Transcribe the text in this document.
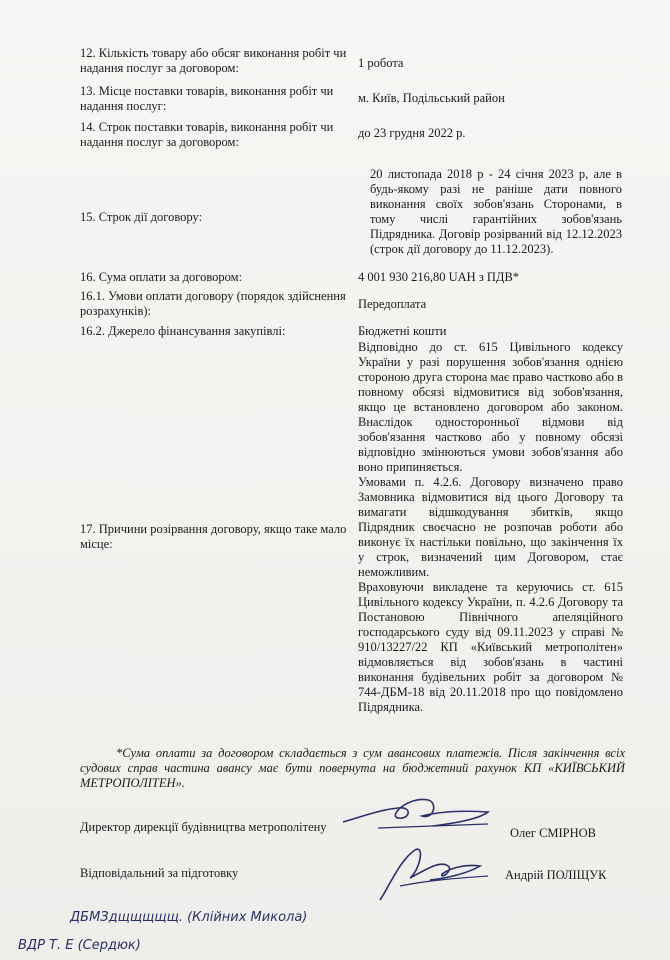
12. Кількість товару або обсяг виконання робіт чи надання послуг за договором:	1 робота
13. Місце поставки товарів, виконання робіт чи надання послуг:
м. Київ, Подільський район
14. Строк поставки товарів, виконання робіт чи надання послуг за договором:
до 23 грудня 2022 р.
15. Строк дії договору:
20 листопада 2018 р - 24 січня 2023 р, але в будь-якому разі не раніше дати повного виконання своїх зобов'язань Сторонами, в тому числі гарантійних зобов'язань Підрядника. Договір розірваний від 12.12.2023 (строк дії договору до 11.12.2023).
16. Сума оплати за договором:	4 001 930 216,80 UAH з ПДВ*
16.1. Умови оплати договору (порядок здійснення розрахунків):	Передоплата
16.2. Джерело фінансування закупівлі:	Бюджетні кошти
17. Причини розірвання договору, якщо таке мало місце:

Відповідно до ст. 615 Цивільного кодексу України у разі порушення зобов'язання однією стороною друга сторона має право частково або в повному обсязі відмовитися від зобов'язання, якщо це встановлено договором або законом. Внаслідок односторонньої відмови від зобов'язання частково або у повному обсязі відповідно змінюються умови зобов'язання або воно припиняється.

Умовами п. 4.2.6. Договору визначено право Замовника відмовитися від цього Договору та вимагати відшкодування збитків, якщо Підрядник своєчасно не розпочав роботи або виконує їх настільки повільно, що закінчення їх у строк, визначений цим Договором, стає неможливим.

Враховуючи викладене та керуючись ст. 615 Цивільного кодексу України, п. 4.2.6 Договору та Постановою Північного апеляційного господарського суду від 09.11.2023 у справі № 910/13227/22 КП «Київський метрополітен» відмовляється від зобов'язань в частині виконання будівельних робіт за договором № 744-ДБМ-18 від 20.11.2018 про що повідомлено Підрядника.

*Сума оплати за договором складається з сум авансових платежів. Після закінчення всіх судових справ частина авансу має бути повернута на бюджетний рахунок КП «КИЇВСЬКИЙ МЕТРОПОЛІТЕН».
Директор дирекції будівництва метрополітену	Олег СМІРНОВ
Відповідальний за підготовку	Андрій ПОЛІЩУК
ДБМЗдщщщщщ. (Клійних Микола)
ВДР Т. Е (Сердюк)
